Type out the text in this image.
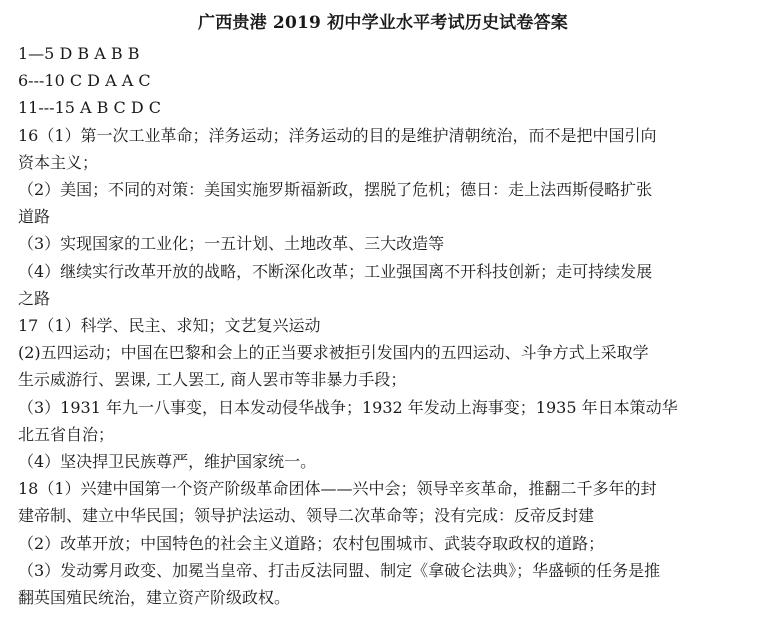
广西贵港 2019 初中学业水平考试历史试卷答案
1—5 D B A B B
6---10 C D A A C
11---15 A B C D C
16（1）第一次工业革命；洋务运动；洋务运动的目的是维护清朝统治，而不是把中国引向
资本主义；
（2）美国；不同的对策：美国实施罗斯福新政，摆脱了危机；德日：走上法西斯侵略扩张
道路
（3）实现国家的工业化；一五计划、土地改革、三大改造等
（4）继续实行改革开放的战略，不断深化改革；工业强国离不开科技创新；走可持续发展
之路
17（1）科学、民主、求知；文艺复兴运动
(2)五四运动；中国在巴黎和会上的正当要求被拒引发国内的五四运动、斗争方式上采取学
生示威游行、罢课, 工人罢工, 商人罢市等非暴力手段；
（3）1931 年九一八事变，日本发动侵华战争；1932 年发动上海事变；1935 年日本策动华
北五省自治；
（4）坚决捍卫民族尊严，维护国家统一。
18（1）兴建中国第一个资产阶级革命团体——兴中会；领导辛亥革命，推翻二千多年的封
建帝制、建立中华民国；领导护法运动、领导二次革命等；没有完成：反帝反封建
（2）改革开放；中国特色的社会主义道路；农村包围城市、武装夺取政权的道路；
（3）发动雾月政变、加冕当皇帝、打击反法同盟、制定《拿破仑法典》；华盛顿的任务是推
翻英国殖民统治，建立资产阶级政权。
